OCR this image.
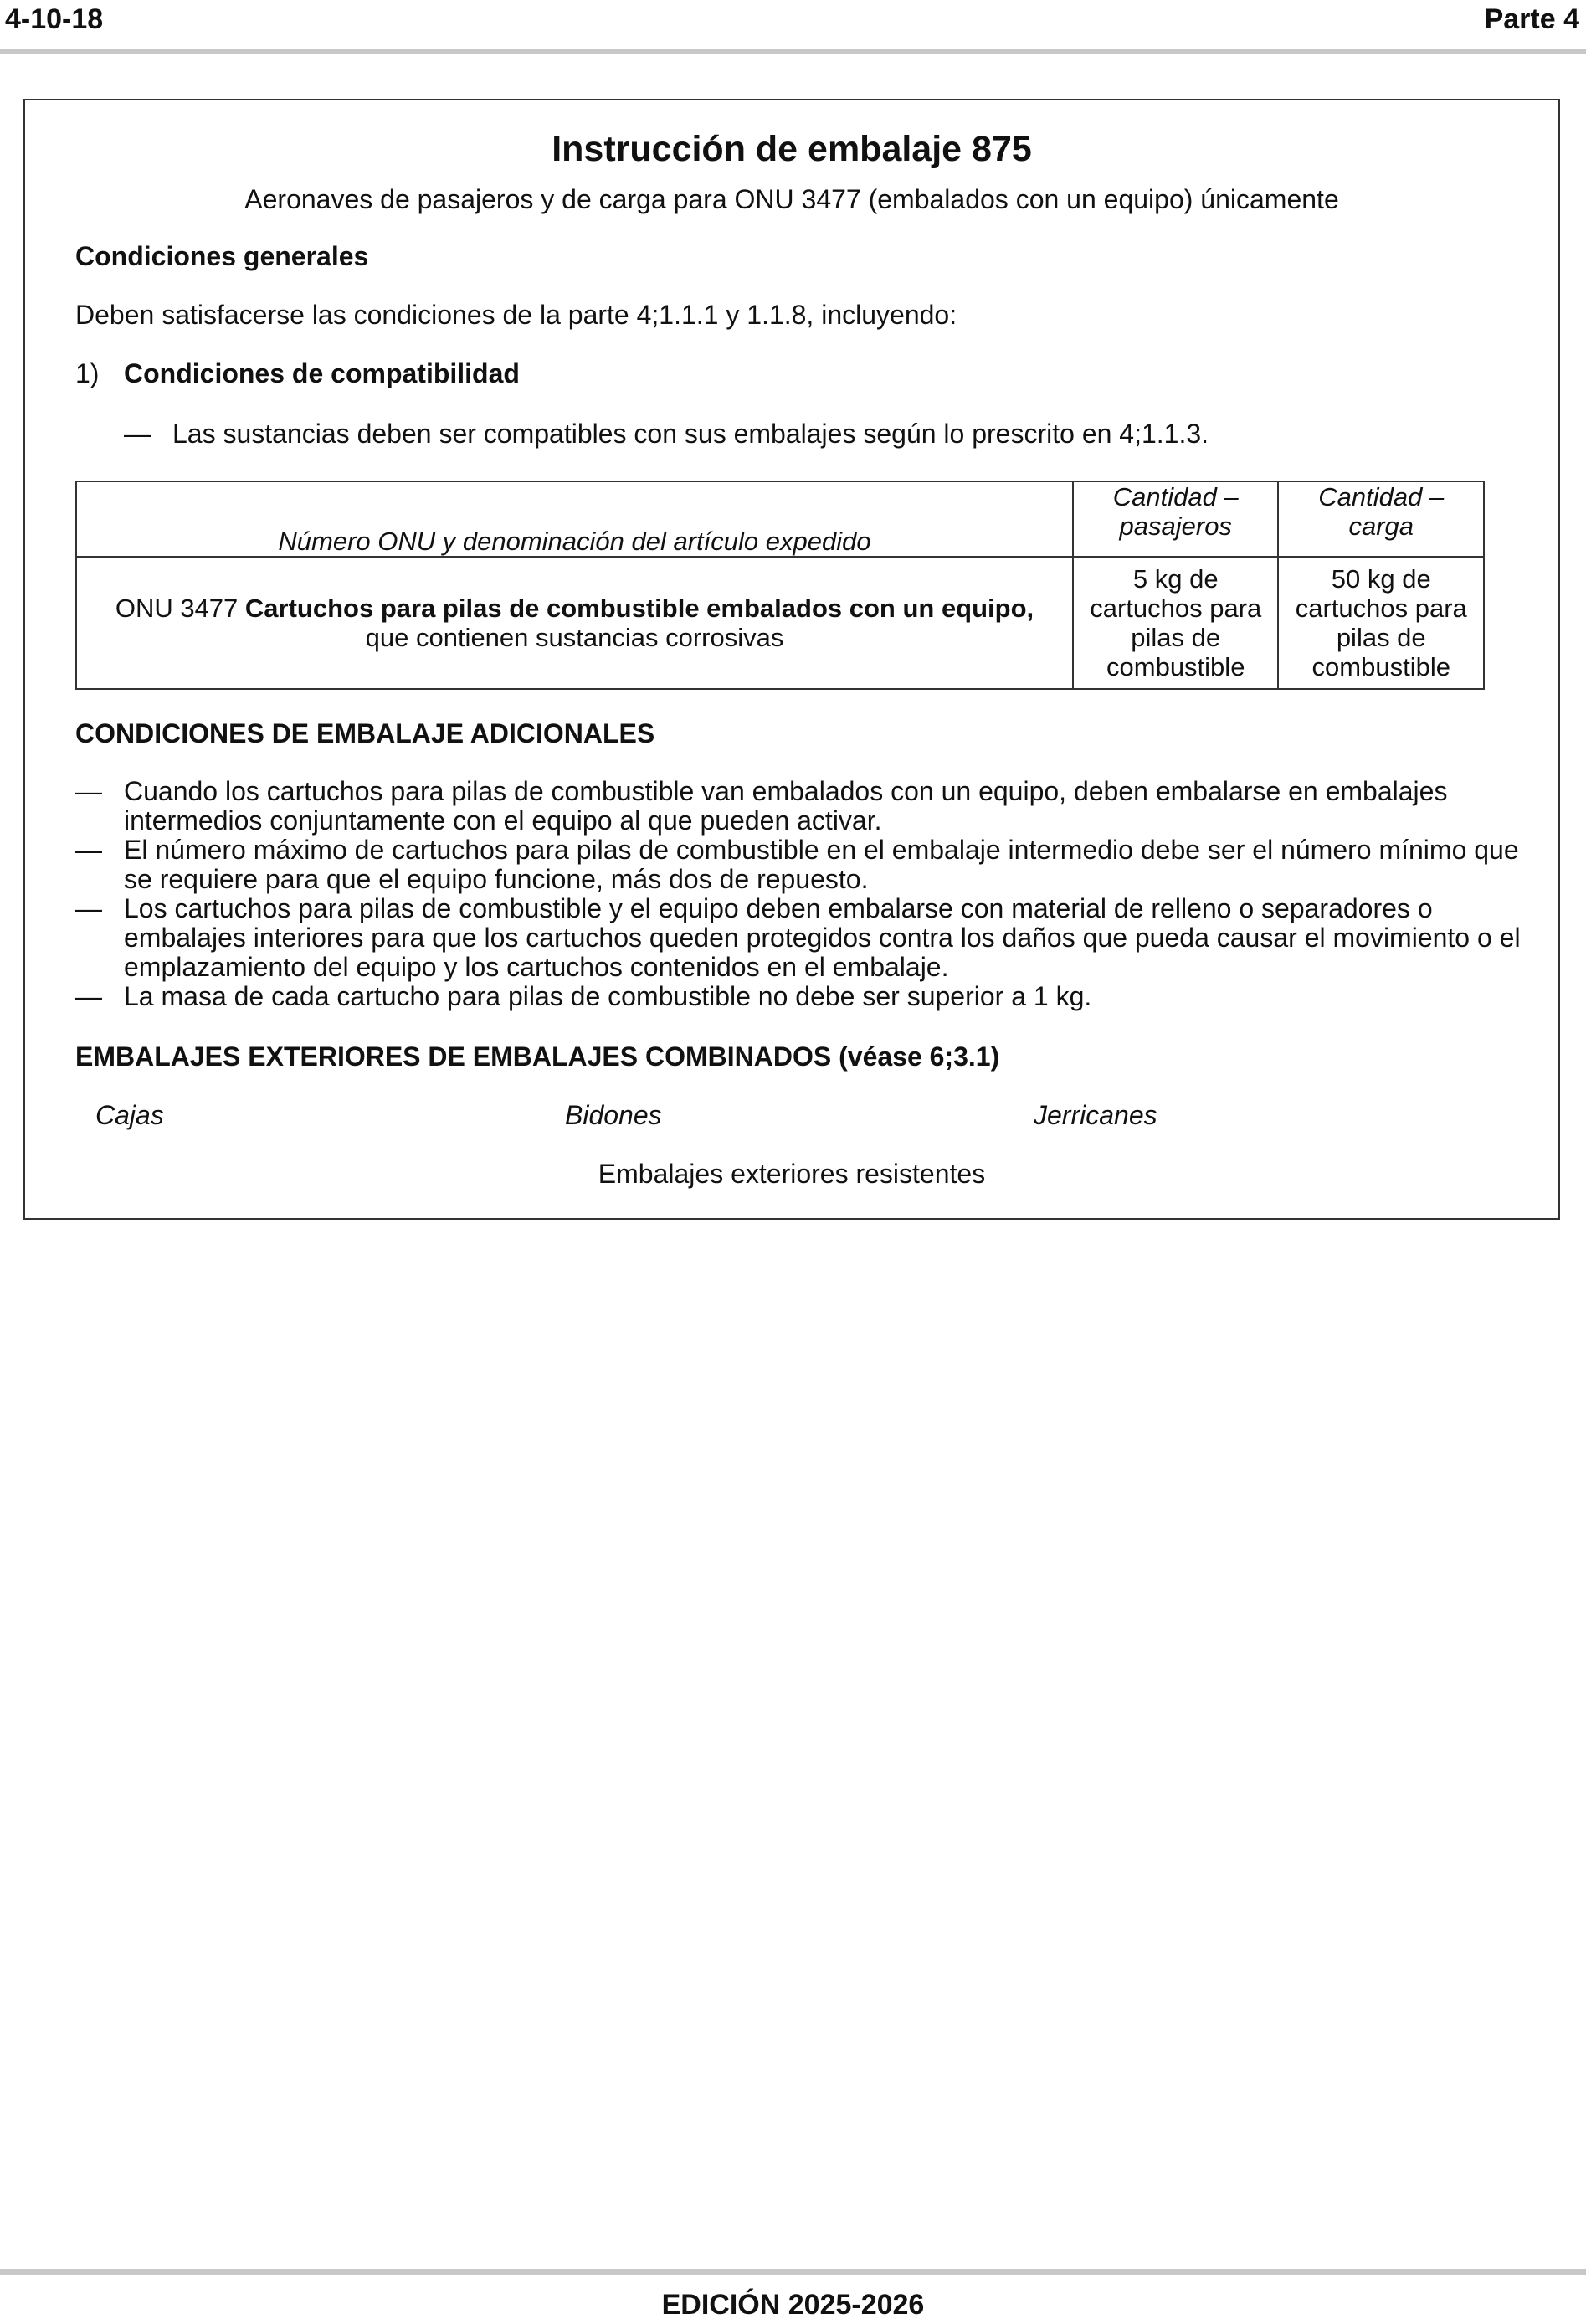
4-10-18	Parte 4
Instrucción de embalaje 875
Aeronaves de pasajeros y de carga para ONU 3477 (embalados con un equipo) únicamente
Condiciones generales
Deben satisfacerse las condiciones de la parte 4;1.1.1 y 1.1.8, incluyendo:
1) Condiciones de compatibilidad
— Las sustancias deben ser compatibles con sus embalajes según lo prescrito en 4;1.1.3.
Número ONU y denominación del artículo expedido	Cantidad – pasajeros	Cantidad – carga
ONU 3477 Cartuchos para pilas de combustible embalados con un equipo,
que contienen sustancias corrosivas	5 kg de cartuchos para pilas de combustible	50 kg de cartuchos para pilas de combustible
CONDICIONES DE EMBALAJE ADICIONALES
— Cuando los cartuchos para pilas de combustible van embalados con un equipo, deben embalarse en embalajes intermedios conjuntamente con el equipo al que pueden activar.
— El número máximo de cartuchos para pilas de combustible en el embalaje intermedio debe ser el número mínimo que se requiere para que el equipo funcione, más dos de repuesto.
— Los cartuchos para pilas de combustible y el equipo deben embalarse con material de relleno o separadores o embalajes interiores para que los cartuchos queden protegidos contra los daños que pueda causar el movimiento o el emplazamiento del equipo y los cartuchos contenidos en el embalaje.
— La masa de cada cartucho para pilas de combustible no debe ser superior a 1 kg.
EMBALAJES EXTERIORES DE EMBALAJES COMBINADOS (véase 6;3.1)
Cajas	Bidones	Jerricanes
Embalajes exteriores resistentes
EDICIÓN 2025-2026
